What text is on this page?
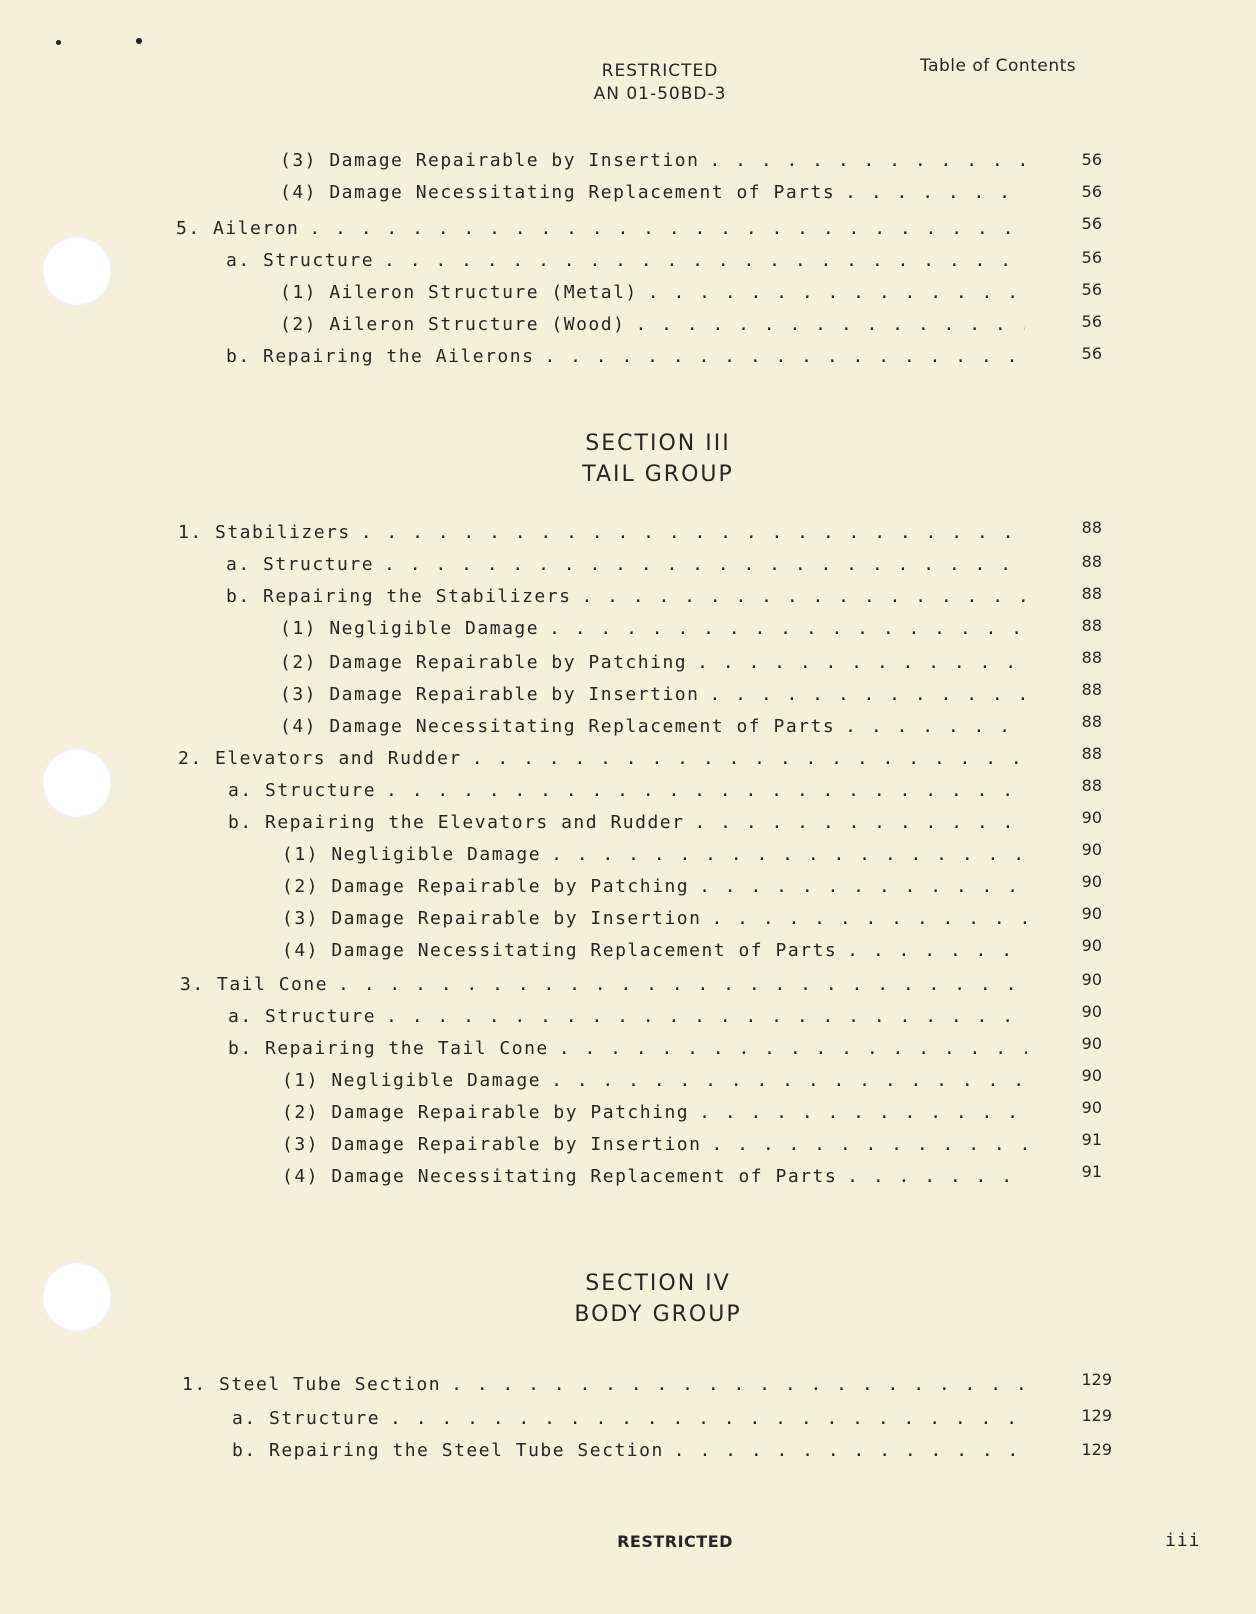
RESTRICTED
AN 01-50BD-3
Table of Contents
(3) Damage Repairable by Insertion . . .	56
(4) Damage Necessitating Replacement of Parts . . .	56
5. Aileron . . .	56
a. Structure . . .	56
(1) Aileron Structure (Metal) . . .	56
(2) Aileron Structure (Wood) . . .	56
b. Repairing the Ailerons . . .	56
SECTION III
TAIL GROUP
1. Stabilizers . . .	88
a. Structure . . .	88
b. Repairing the Stabilizers . . .	88
(1) Negligible Damage . . .	88
(2) Damage Repairable by Patching . . .	88
(3) Damage Repairable by Insertion . . .	88
(4) Damage Necessitating Replacement of Parts . . .	88
2. Elevators and Rudder . . .	88
a. Structure . . .	88
b. Repairing the Elevators and Rudder . . .	90
(1) Negligible Damage . . .	90
(2) Damage Repairable by Patching . . .	90
(3) Damage Repairable by Insertion . . .	90
(4) Damage Necessitating Replacement of Parts . . .	90
3. Tail Cone . . .	90
a. Structure . . .	90
b. Repairing the Tail Cone . . .	90
(1) Negligible Damage . . .	90
(2) Damage Repairable by Patching . . .	90
(3) Damage Repairable by Insertion . . .	91
(4) Damage Necessitating Replacement of Parts . . .	91
SECTION IV
BODY GROUP
1. Steel Tube Section . . .	129
a. Structure . . .	129
b. Repairing the Steel Tube Section . . .	129
RESTRICTED	iii
